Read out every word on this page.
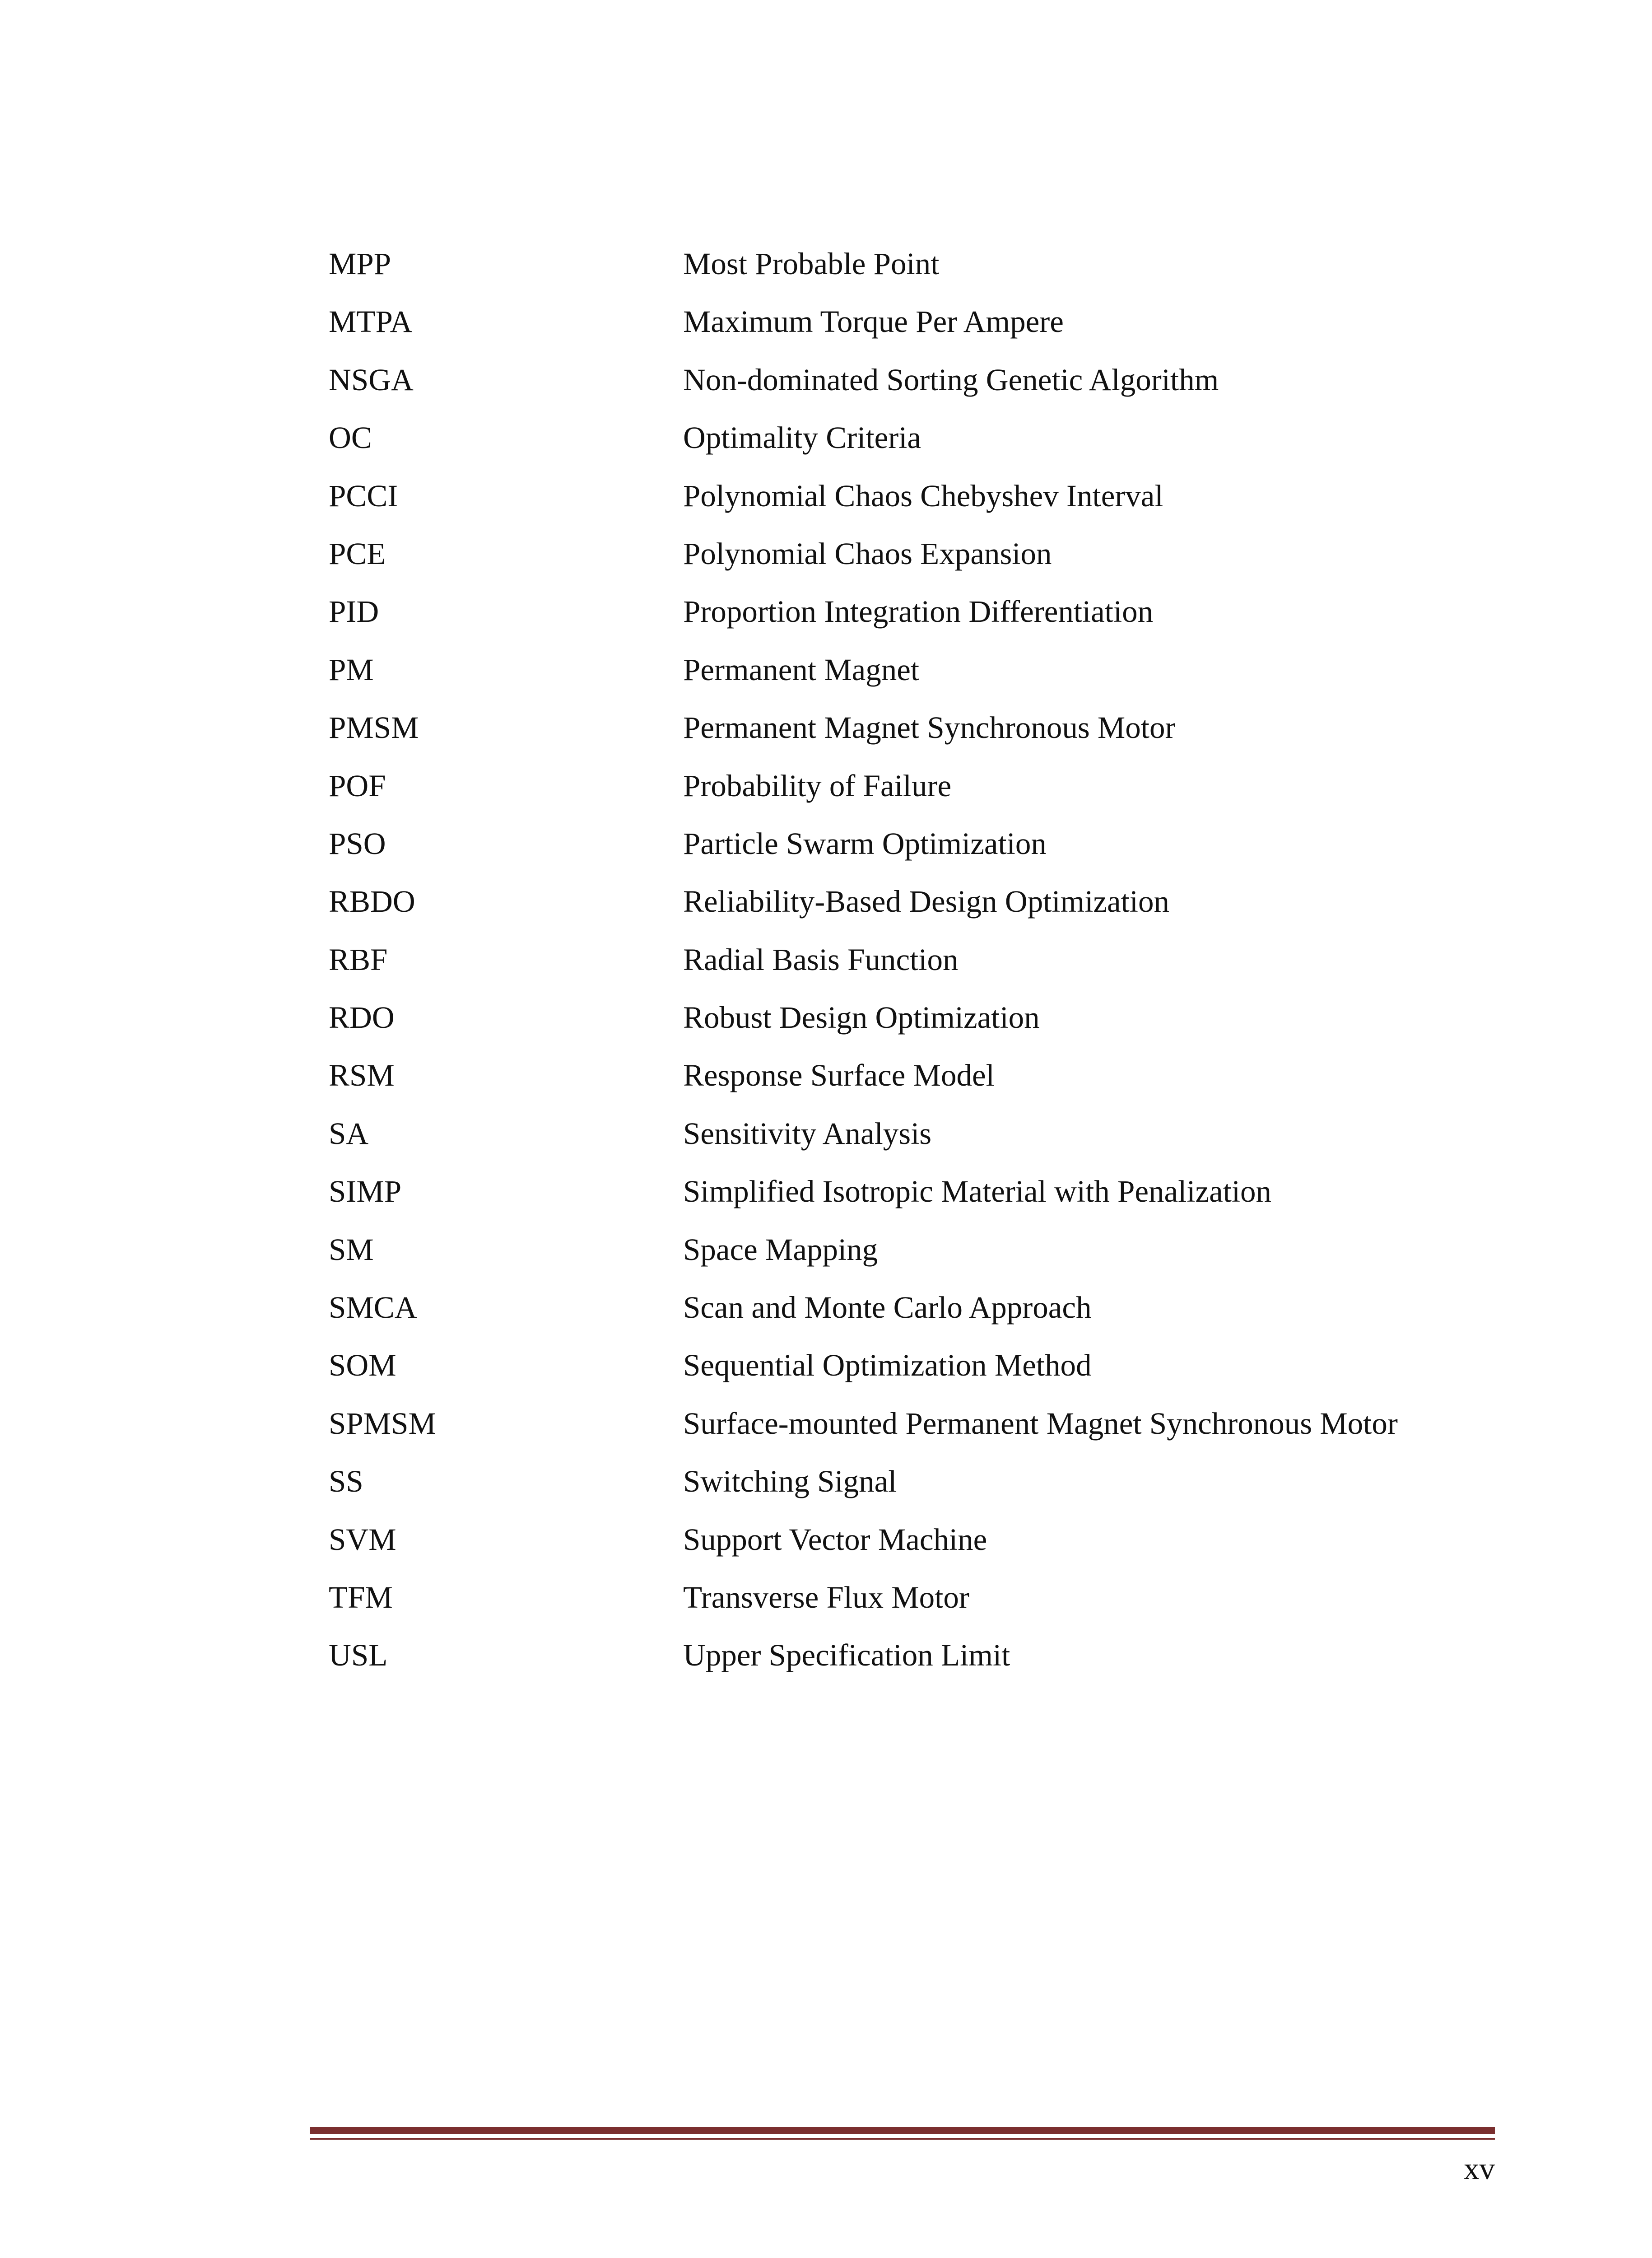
MPP	Most Probable Point
MTPA	Maximum Torque Per Ampere
NSGA	Non-dominated Sorting Genetic Algorithm
OC	Optimality Criteria
PCCI	Polynomial Chaos Chebyshev Interval
PCE	Polynomial Chaos Expansion
PID	Proportion Integration Differentiation
PM	Permanent Magnet
PMSM	Permanent Magnet Synchronous Motor
POF	Probability of Failure
PSO	Particle Swarm Optimization
RBDO	Reliability-Based Design Optimization
RBF	Radial Basis Function
RDO	Robust Design Optimization
RSM	Response Surface Model
SA	Sensitivity Analysis
SIMP	Simplified Isotropic Material with Penalization
SM	Space Mapping
SMCA	Scan and Monte Carlo Approach
SOM	Sequential Optimization Method
SPMSM	Surface-mounted Permanent Magnet Synchronous Motor
SS	Switching Signal
SVM	Support Vector Machine
TFM	Transverse Flux Motor
USL	Upper Specification Limit
xv
